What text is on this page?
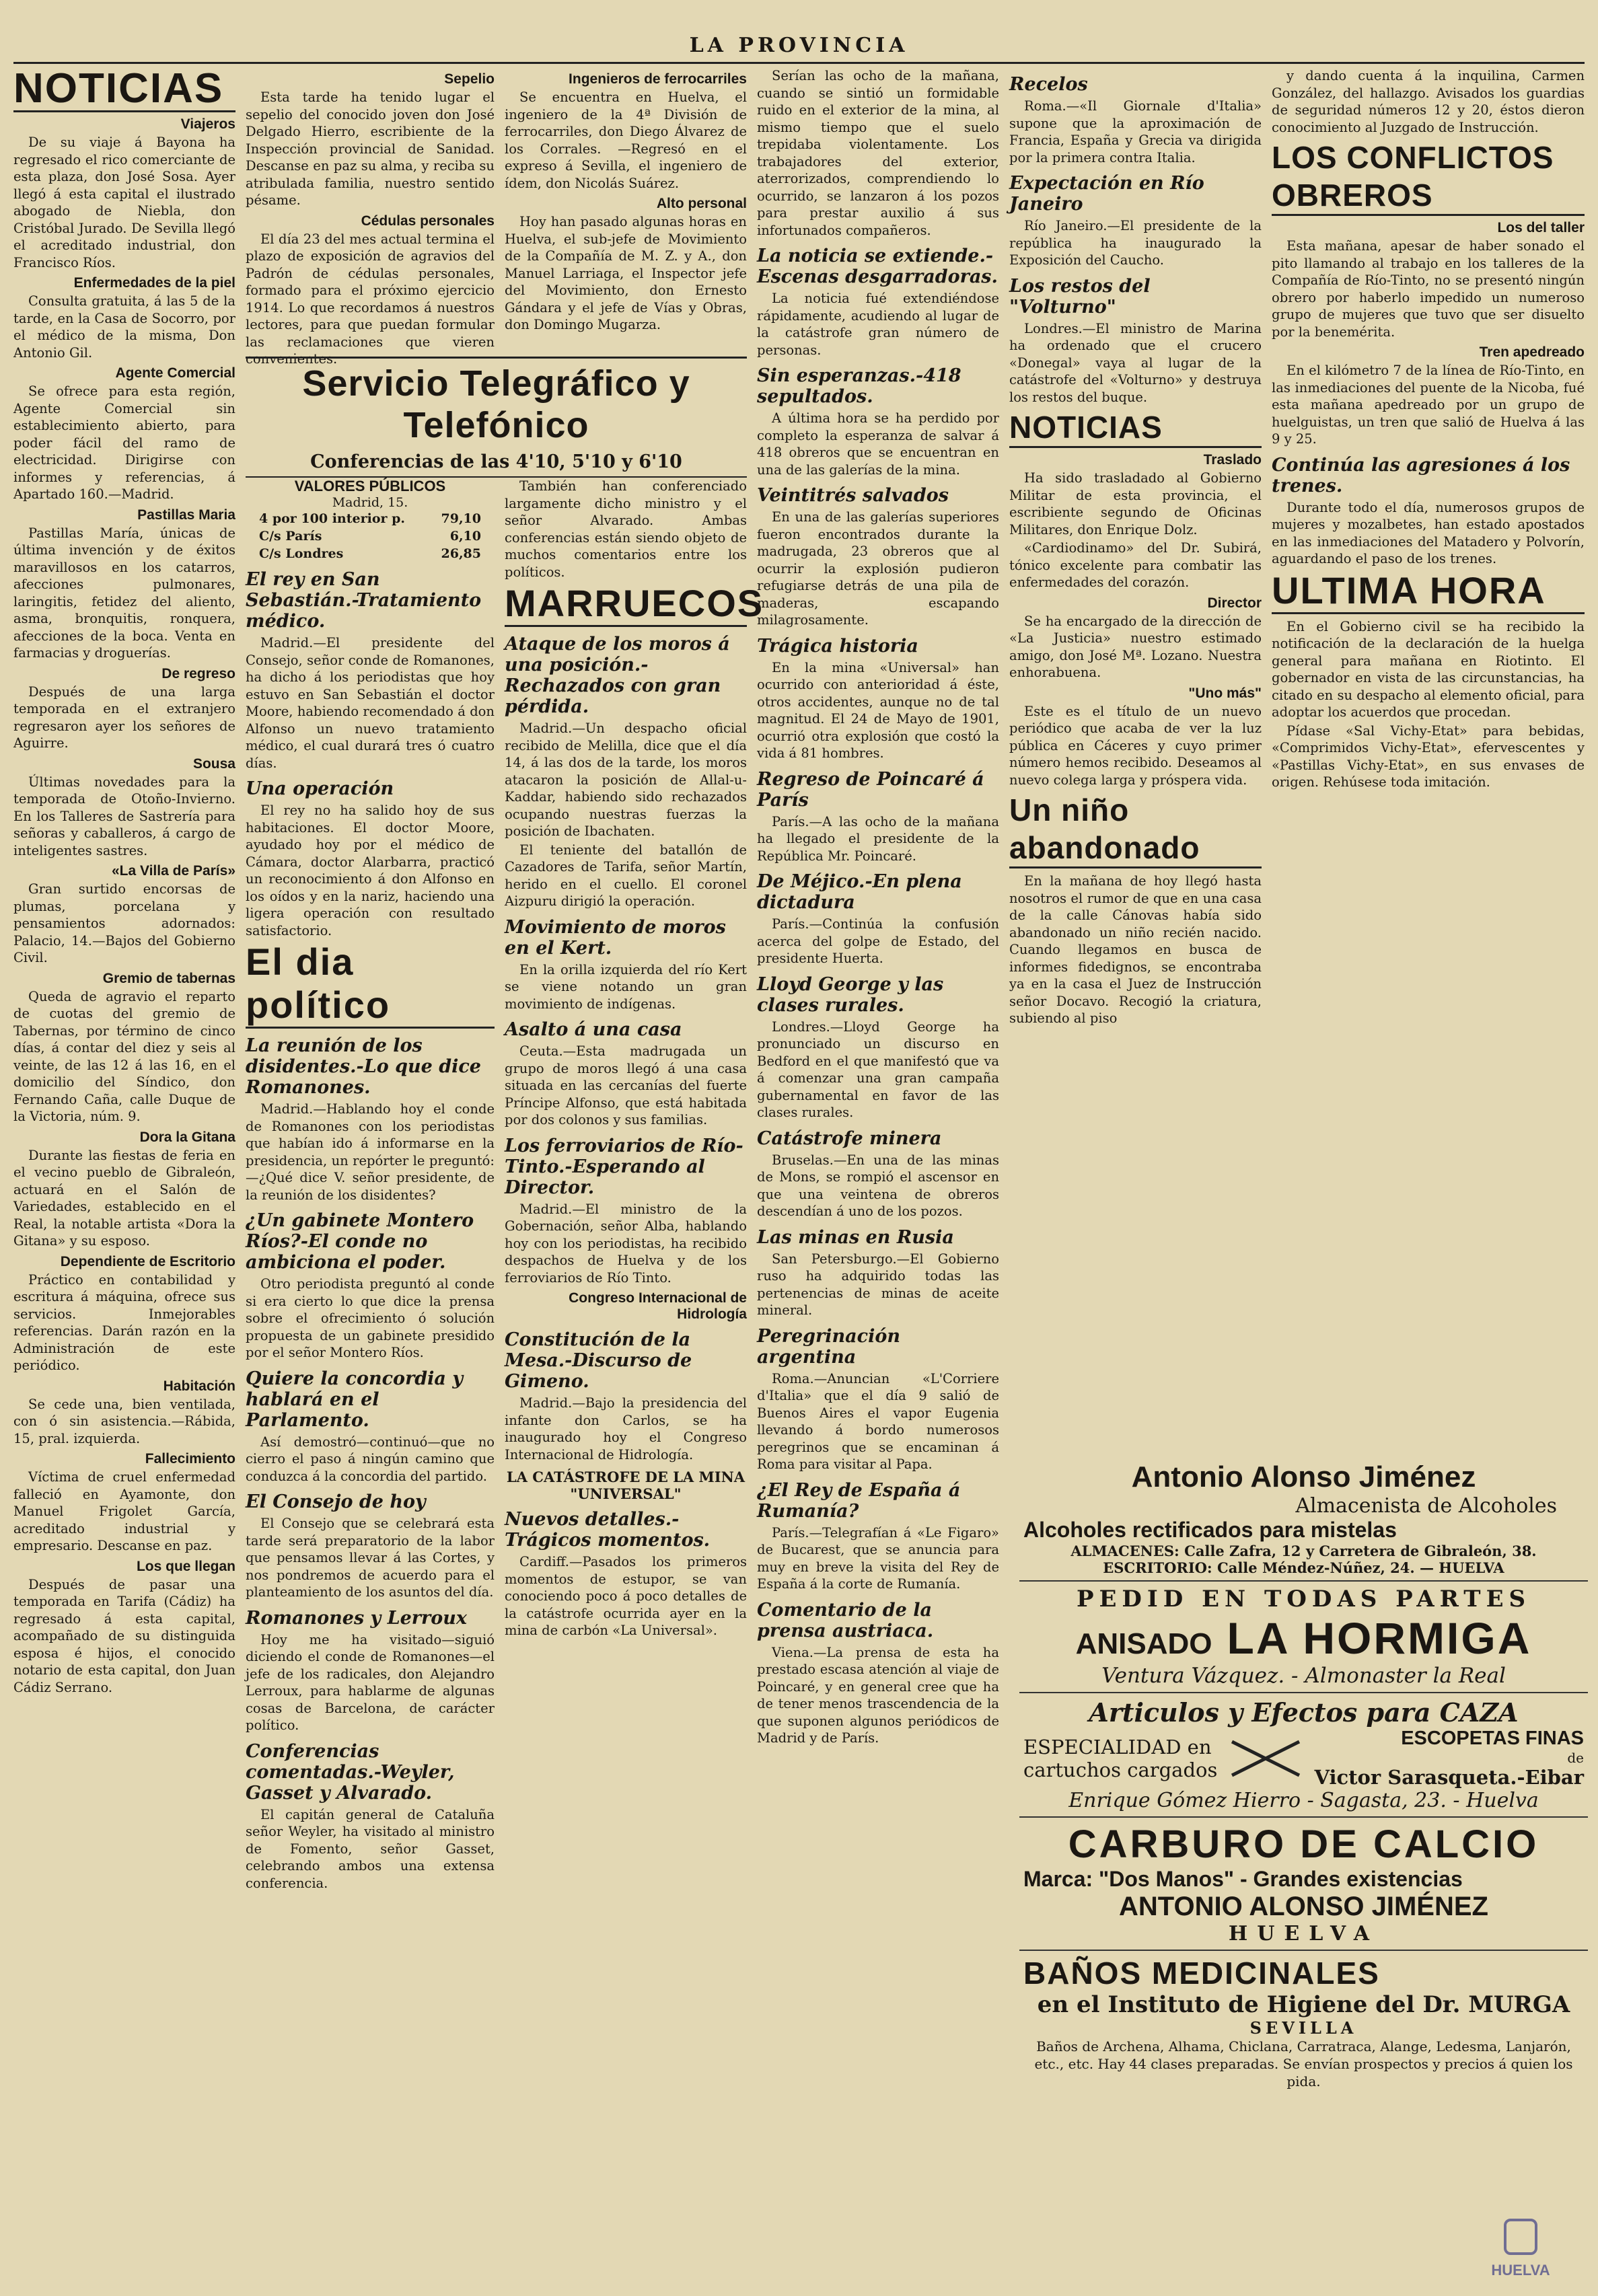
LA PROVINCIA
NOTICIAS
Viajeros
De su viaje á Bayona ha regresado el rico comerciante de esta plaza, don José Sosa. Ayer llegó á esta capital el ilustrado abogado de Niebla, don Cristóbal Jurado. De Sevilla llegó el acreditado industrial, don Francisco Ríos.
Enfermedades de la piel
Consulta gratuita, á las 5 de la tarde, en la Casa de Socorro, por el médico de la misma, Don Antonio Gil.
Agente Comercial
Se ofrece para esta región, Agente Comercial sin establecimiento abierto, para poder fácil del ramo de electricidad. Dirigirse con informes y referencias, á Apartado 160.—Madrid.
Pastillas Maria
Pastillas María, únicas de última invención y de éxitos maravillosos en los catarros, afecciones pulmonares, laringitis, fetidez del aliento, asma, bronquitis, ronquera, afecciones de la boca. Venta en farmacias y droguerías.
De regreso
Después de una larga temporada en el extranjero regresaron ayer los señores de Aguirre.
Sousa
Últimas novedades para la temporada de Otoño-Invierno. En los Talleres de Sastrería para señoras y caballeros, á cargo de inteligentes sastres.
«La Villa de París»
Gran surtido encorsas de plumas, porcelana y pensamientos adornados: Palacio, 14.—Bajos del Gobierno Civil.
Gremio de tabernas
Queda de agravio el reparto de cuotas del gremio de Tabernas, por término de cinco días, á contar del diez y seis al veinte, de las 12 á las 16, en el domicilio del Síndico, don Fernando Caña, calle Duque de la Victoria, núm. 9.
Dora la Gitana
Durante las fiestas de feria en el vecino pueblo de Gibraleón, actuará en el Salón de Variedades, establecido en el Real, la notable artista «Dora la Gitana» y su esposo.
Dependiente de Escritorio
Práctico en contabilidad y escritura á máquina, ofrece sus servicios. Inmejorables referencias. Darán razón en la Administración de este periódico.
Habitación
Se cede una, bien ventilada, con ó sin asistencia.—Rábida, 15, pral. izquierda.
Fallecimiento
Víctima de cruel enfermedad falleció en Ayamonte, don Manuel Frigolet García, acreditado industrial y empresario. Descanse en paz.
Los que llegan
Después de pasar una temporada en Tarifa (Cádiz) ha regresado á esta capital, acompañado de su distinguida esposa é hijos, el conocido notario de esta capital, don Juan Cádiz Serrano.
Sepelio
Esta tarde ha tenido lugar el sepelio del conocido joven don José Delgado Hierro, escribiente de la Inspección provincial de Sanidad. Descanse en paz su alma, y reciba su atribulada familia, nuestro sentido pésame.
Cédulas personales
El día 23 del mes actual termina el plazo de exposición de agravios del Padrón de cédulas personales, formado para el próximo ejercicio 1914. Lo que recordamos á nuestros lectores, para que puedan formular las reclamaciones que vieren convenientes.
Ingenieros de ferrocarriles
Se encuentra en Huelva, el ingeniero de la 4ª División de ferrocarriles, don Diego Álvarez de los Corrales. —Regresó en el expreso á Sevilla, el ingeniero de ídem, don Nicolás Suárez.
Alto personal
Hoy han pasado algunas horas en Huelva, el sub-jefe de Movimiento de la Compañía de M. Z. y A., don Manuel Larriaga, el Inspector jefe del Movimiento, don Ernesto Gándara y el jefe de Vías y Obras, don Domingo Mugarza.
Servicio Telegráfico y Telefónico
Conferencias de las 4'10, 5'10 y 6'10
VALORES PÚBLICOS
Madrid, 15.
4 por 100 interior p.	79,10
C/s París	6,10
C/s Londres	26,85
El rey en San Sebastián.-Tratamiento médico.
Madrid.—El presidente del Consejo, señor conde de Romanones, ha dicho á los periodistas que hoy estuvo en San Sebastián el doctor Moore, habiendo recomendado á don Alfonso un nuevo tratamiento médico, el cual durará tres ó cuatro días.
Una operación
El rey no ha salido hoy de sus habitaciones. El doctor Moore, ayudado hoy por el médico de Cámara, doctor Alarbarra, practicó un reconocimiento á don Alfonso en los oídos y en la nariz, haciendo una ligera operación con resultado satisfactorio.
El dia político
La reunión de los disidentes.-Lo que dice Romanones.
Madrid.—Hablando hoy el conde de Romanones con los periodistas que habían ido á informarse en la presidencia, un repórter le preguntó: —¿Qué dice V. señor presidente, de la reunión de los disidentes?
¿Un gabinete Montero Ríos?-El conde no ambiciona el poder.
Otro periodista preguntó al conde si era cierto lo que dice la prensa sobre el ofrecimiento ó solución propuesta de un gabinete presidido por el señor Montero Ríos.
Quiere la concordia y hablará en el Parlamento.
Así demostró—continuó—que no cierro el paso á ningún camino que conduzca á la concordia del partido.
El Consejo de hoy
El Consejo que se celebrará esta tarde será preparatorio de la labor que pensamos llevar á las Cortes, y nos pondremos de acuerdo para el planteamiento de los asuntos del día.
Romanones y Lerroux
Hoy me ha visitado—siguió diciendo el conde de Romanones—el jefe de los radicales, don Alejandro Lerroux, para hablarme de algunas cosas de Barcelona, de carácter político.
Conferencias comentadas.-Weyler, Gasset y Alvarado.
El capitán general de Cataluña señor Weyler, ha visitado al ministro de Fomento, señor Gasset, celebrando ambos una extensa conferencia.
También han conferenciado largamente dicho ministro y el señor Alvarado. Ambas conferencias están siendo objeto de muchos comentarios entre los políticos.
MARRUECOS
Ataque de los moros á una posición.-Rechazados con gran pérdida.
Madrid.—Un despacho oficial recibido de Melilla, dice que el día 14, á las dos de la tarde, los moros atacaron la posición de Allal-u-Kaddar, habiendo sido rechazados ocupando nuestras fuerzas la posición de Ibachaten.
El teniente del batallón de Cazadores de Tarifa, señor Martín, herido en el cuello. El coronel Aizpuru dirigió la operación.
Movimiento de moros en el Kert.
En la orilla izquierda del río Kert se viene notando un gran movimiento de indígenas.
Asalto á una casa
Ceuta.—Esta madrugada un grupo de moros llegó á una casa situada en las cercanías del fuerte Príncipe Alfonso, que está habitada por dos colonos y sus familias.
Los ferroviarios de Río-Tinto.-Esperando al Director.
Madrid.—El ministro de la Gobernación, señor Alba, hablando hoy con los periodistas, ha recibido despachos de Huelva y de los ferroviarios de Río Tinto.
Congreso Internacional de Hidrología
Constitución de la Mesa.-Discurso de Gimeno.
Madrid.—Bajo la presidencia del infante don Carlos, se ha inaugurado hoy el Congreso Internacional de Hidrología.
LA CATÁSTROFE DE LA MINA "UNIVERSAL"
Nuevos detalles.-Trágicos momentos.
Cardiff.—Pasados los primeros momentos de estupor, se van conociendo poco á poco detalles de la catástrofe ocurrida ayer en la mina de carbón «La Universal».
Serían las ocho de la mañana, cuando se sintió un formidable ruido en el exterior de la mina, al mismo tiempo que el suelo trepidaba violentamente. Los trabajadores del exterior, aterrorizados, comprendiendo lo ocurrido, se lanzaron á los pozos para prestar auxilio á sus infortunados compañeros.
La noticia se extiende.-Escenas desgarradoras.
La noticia fué extendiéndose rápidamente, acudiendo al lugar de la catástrofe gran número de personas.
Sin esperanzas.-418 sepultados.
A última hora se ha perdido por completo la esperanza de salvar á 418 obreros que se encuentran en una de las galerías de la mina.
Veintitrés salvados
En una de las galerías superiores fueron encontrados durante la madrugada, 23 obreros que al ocurrir la explosión pudieron refugiarse detrás de una pila de maderas, escapando milagrosamente.
Trágica historia
En la mina «Universal» han ocurrido con anterioridad á éste, otros accidentes, aunque no de tal magnitud. El 24 de Mayo de 1901, ocurrió otra explosión que costó la vida á 81 hombres.
Regreso de Poincaré á París
París.—A las ocho de la mañana ha llegado el presidente de la República Mr. Poincaré.
De Méjico.-En plena dictadura
París.—Continúa la confusión acerca del golpe de Estado, del presidente Huerta.
Lloyd George y las clases rurales.
Londres.—Lloyd George ha pronunciado un discurso en Bedford en el que manifestó que va á comenzar una gran campaña gubernamental en favor de las clases rurales.
Catástrofe minera
Bruselas.—En una de las minas de Mons, se rompió el ascensor en que una veintena de obreros descendían á uno de los pozos.
Las minas en Rusia
San Petersburgo.—El Gobierno ruso ha adquirido todas las pertenencias de minas de aceite mineral.
Peregrinación argentina
Roma.—Anuncian «L'Corriere d'Italia» que el día 9 salió de Buenos Aires el vapor Eugenia llevando á bordo numerosos peregrinos que se encaminan á Roma para visitar al Papa.
¿El Rey de España á Rumanía?
París.—Telegrafían á «Le Figaro» de Bucarest, que se anuncia para muy en breve la visita del Rey de España á la corte de Rumanía.
Comentario de la prensa austriaca.
Viena.—La prensa de esta ha prestado escasa atención al viaje de Poincaré, y en general cree que ha de tener menos trascendencia de la que suponen algunos periódicos de Madrid y de París.
Recelos
Roma.—«Il Giornale d'Italia» supone que la aproximación de Francia, España y Grecia va dirigida por la primera contra Italia.
Expectación en Río Janeiro
Río Janeiro.—El presidente de la república ha inaugurado la Exposición del Caucho.
Los restos del "Volturno"
Londres.—El ministro de Marina ha ordenado que el crucero «Donegal» vaya al lugar de la catástrofe del «Volturno» y destruya los restos del buque.
NOTICIAS
Traslado
Ha sido trasladado al Gobierno Militar de esta provincia, el escribiente segundo de Oficinas Militares, don Enrique Dolz.
«Cardiodinamo» del Dr. Subirá, tónico excelente para combatir las enfermedades del corazón.
Director
Se ha encargado de la dirección de «La Justicia» nuestro estimado amigo, don José Mª. Lozano. Nuestra enhorabuena.
"Uno más"
Este es el título de un nuevo periódico que acaba de ver la luz pública en Cáceres y cuyo primer número hemos recibido. Deseamos al nuevo colega larga y próspera vida.
Un niño abandonado
En la mañana de hoy llegó hasta nosotros el rumor de que en una casa de la calle Cánovas había sido abandonado un niño recién nacido. Cuando llegamos en busca de informes fidedignos, se encontraba ya en la casa el Juez de Instrucción señor Docavo. Recogió la criatura, subiendo al piso
y dando cuenta á la inquilina, Carmen González, del hallazgo. Avisados los guardias de seguridad números 12 y 20, éstos dieron conocimiento al Juzgado de Instrucción.
LOS CONFLICTOS OBREROS
Los del taller
Esta mañana, apesar de haber sonado el pito llamando al trabajo en los talleres de la Compañía de Río-Tinto, no se presentó ningún obrero por haberlo impedido un numeroso grupo de mujeres que tuvo que ser disuelto por la benemérita.
Tren apedreado
En el kilómetro 7 de la línea de Río-Tinto, en las inmediaciones del puente de la Nicoba, fué esta mañana apedreado por un grupo de huelguistas, un tren que salió de Huelva á las 9 y 25.
Continúa las agresiones á los trenes.
Durante todo el día, numerosos grupos de mujeres y mozalbetes, han estado apostados en las inmediaciones del Matadero y Polvorín, aguardando el paso de los trenes.
ULTIMA HORA
En el Gobierno civil se ha recibido la notificación de la declaración de la huelga general para mañana en Riotinto. El gobernador en vista de las circunstancias, ha citado en su despacho al elemento oficial, para adoptar los acuerdos que procedan.
Pídase «Sal Vichy-Etat» para bebidas, «Comprimidos Vichy-Etat», efervescentes y «Pastillas Vichy-Etat», en sus envases de origen. Rehúsese toda imitación.
Antonio Alonso Jiménez
Almacenista de Alcoholes
Alcoholes rectificados para mistelas
ALMACENES: Calle Zafra, 12 y Carretera de Gibraleón, 38.
ESCRITORIO: Calle Méndez-Núñez, 24. — HUELVA
PEDID EN TODAS PARTES
ANISADO LA HORMIGA
Ventura Vázquez. - Almonaster la Real
Articulos y Efectos para CAZA
ESPECIALIDAD en
cartuchos cargados
ESCOPETAS FINAS
de
Victor Sarasqueta.-Eibar
Enrique Gómez Hierro - Sagasta, 23. - Huelva
CARBURO DE CALCIO
Marca: "Dos Manos" - Grandes existencias
ANTONIO ALONSO JIMÉNEZ
HUELVA
BAÑOS MEDICINALES
en el Instituto de Higiene del Dr. MURGA
SEVILLA
Baños de Archena, Alhama, Chiclana, Carratraca, Alange, Ledesma, Lanjarón, etc., etc. Hay 44 clases preparadas. Se envían prospectos y precios á quien los pida.
HUELVA
